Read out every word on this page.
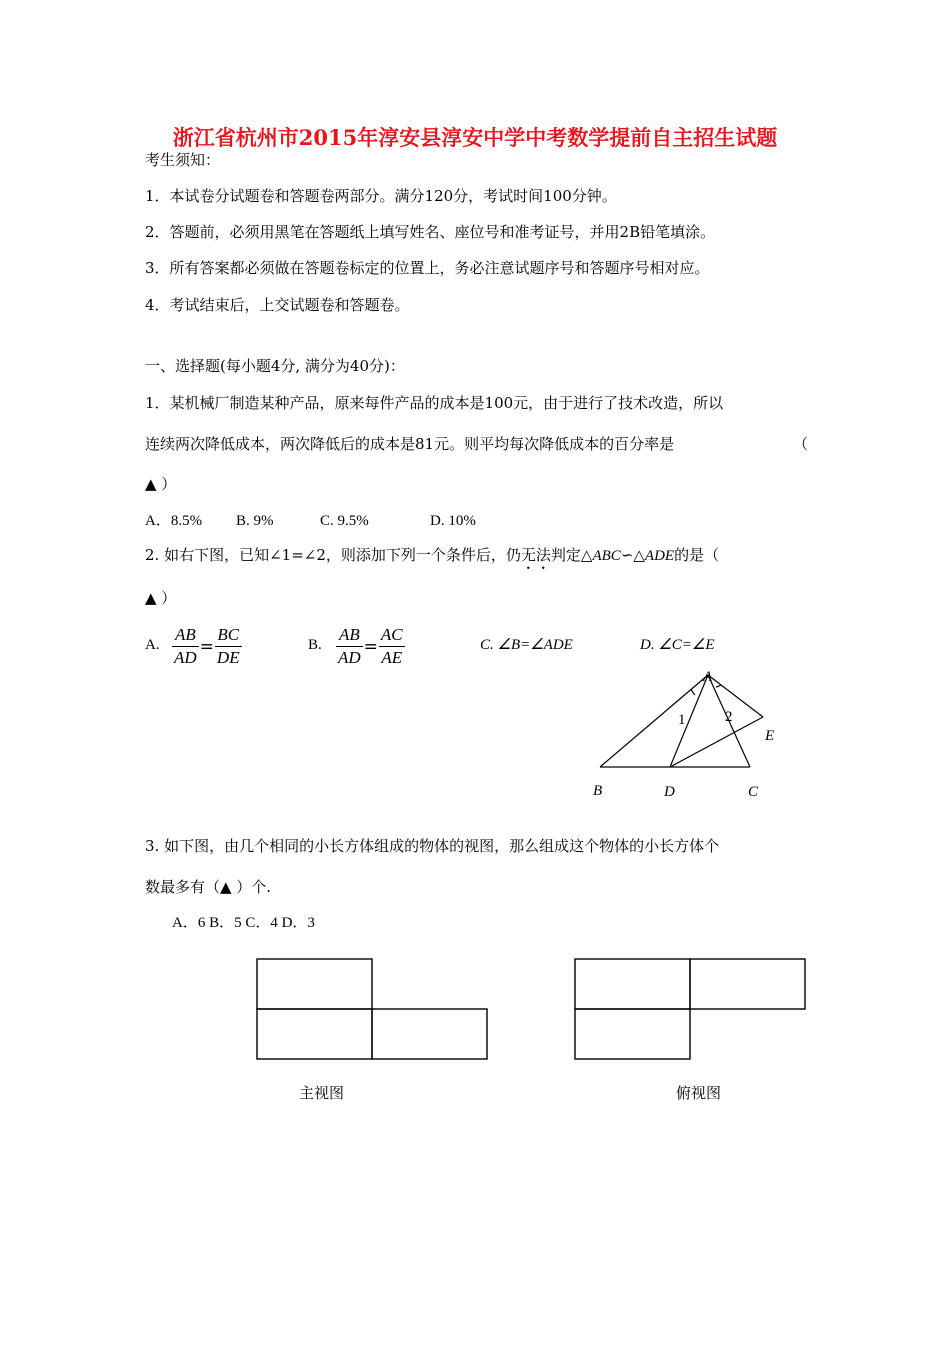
浙江省杭州市2015年淳安县淳安中学中考数学提前自主招生试题
考生须知：
1．本试卷分试题卷和答题卷两部分。满分120分，考试时间100分钟。
2．答题前，必须用黑笔在答题纸上填写姓名、座位号和准考证号，并用2B铅笔填涂。
3．所有答案都必须做在答题卷标定的位置上，务必注意试题序号和答题序号相对应。
4．考试结束后，上交试题卷和答题卷。
一、选择题(每小题4分, 满分为40分)：
1．某机械厂制造某种产品，原来每件产品的成本是100元，由于进行了技术改造，所以
连续两次降低成本，两次降低后的成本是81元。则平均每次降低成本的百分率是	（
▲ ）
A．8.5% B. 9%	C. 9.5%	D. 10%
2. 如右下图，已知∠1=∠2，则添加下列一个条件后，仍无法判定△ABC∽△ADE的是（
▲ ）
A. $\frac{AB}{AD} = \frac{BC}{DE}$	B. $\frac{AB}{AD} = \frac{AC}{AE}$	C. ∠B=∠ADE	D. ∠C=∠E
A
B	C
D
E
1	2
3. 如下图，由几个相同的小长方体组成的物体的视图，那么组成这个物体的小长方体个
数最多有（▲ ）个.
A．6 B．5 C．4 D．3
主视图	俯视图
